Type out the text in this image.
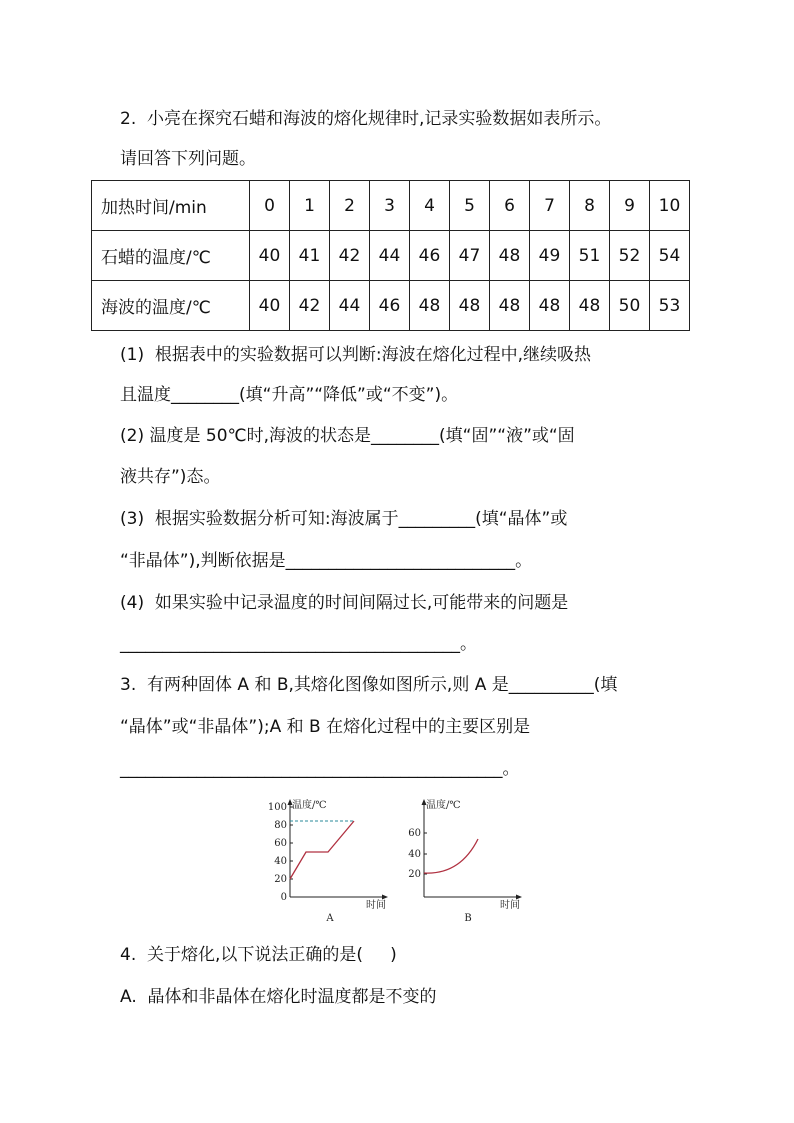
2.  小亮在探究石蜡和海波的熔化规律时,记录实验数据如表所示。
请回答下列问题。
加热时间/min	0	1	2	3	4	5	6	7	8	9	10
石蜡的温度/℃	40	41	42	44	46	47	48	49	51	52	54
海波的温度/℃	40	42	44	46	48	48	48	48	48	50	53
(1)  根据表中的实验数据可以判断:海波在熔化过程中,继续吸热
且温度________(填“升高”“降低”或“不变”)。
(2) 温度是 50℃时,海波的状态是________(填“固”“液”或“固
液共存”)态。
(3)  根据实验数据分析可知:海波属于_________(填“晶体”或
“非晶体”),判断依据是___________________________。
(4)  如果实验中记录温度的时间间隔过长,可能带来的问题是
________________________________________。
3.  有两种固体 A 和 B,其熔化图像如图所示,则 A 是__________(填
“晶体”或“非晶体”);A 和 B 在熔化过程中的主要区别是
_____________________________________________。
温度/℃
时间
0
20
40
60
80
100
A
温度/℃
时间
20
40
60
B
4.  关于熔化,以下说法正确的是(     )
A.  晶体和非晶体在熔化时温度都是不变的
